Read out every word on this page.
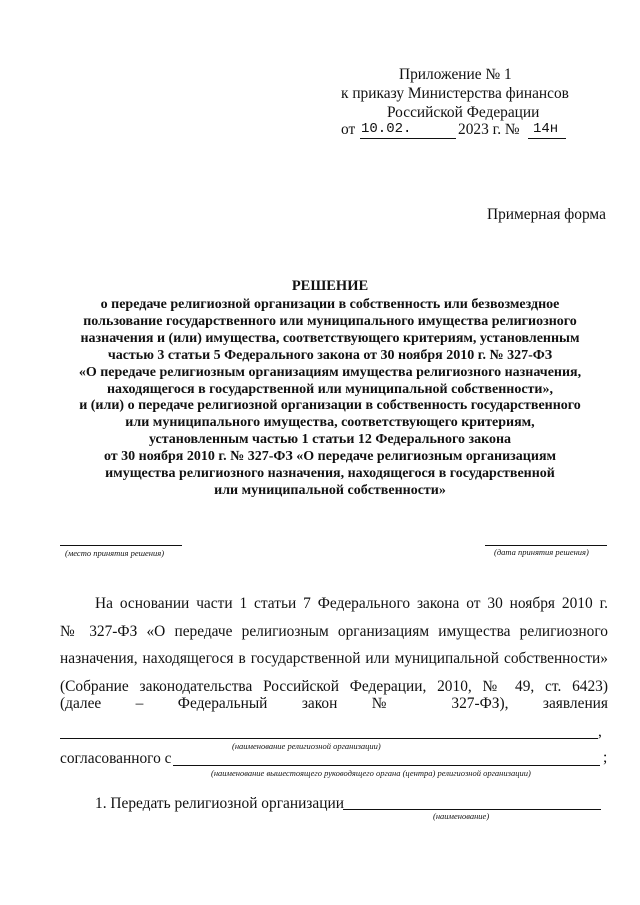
Приложение № 1
к приказу Министерства финансов
Российской Федерации
от 10.02.	2023 г. № 14н
Примерная форма
РЕШЕНИЕ
о передаче религиозной организации в собственность или безвозмездное
пользование государственного или муниципального имущества религиозного
назначения и (или) имущества, соответствующего критериям, установленным
частью 3 статьи 5 Федерального закона от 30 ноября 2010 г. № 327-ФЗ
«О передаче религиозным организациям имущества религиозного назначения,
находящегося в государственной или муниципальной собственности»,
и (или) о передаче религиозной организации в собственность государственного
или муниципального имущества, соответствующего критериям,
установленным частью 1 статьи 12 Федерального закона
от 30 ноября 2010 г. № 327-ФЗ «О передаче религиозным организациям
имущества религиозного назначения, находящегося в государственной
или муниципальной собственности»
(место принятия решения)	(дата принятия решения)
На основании части 1 статьи 7 Федерального закона от 30 ноября 2010 г.
№ 327-ФЗ «О передаче религиозным организациям имущества религиозного
назначения, находящегося в государственной или муниципальной собственности»
(Собрание законодательства Российской Федерации, 2010, № 49, ст. 6423)
(далее – Федеральный закон № 327-ФЗ), заявления
,
(наименование религиозной организации)
согласованного с	;
(наименование вышестоящего руководящего органа (центра) религиозной организации)
1. Передать религиозной организации
(наименование)
